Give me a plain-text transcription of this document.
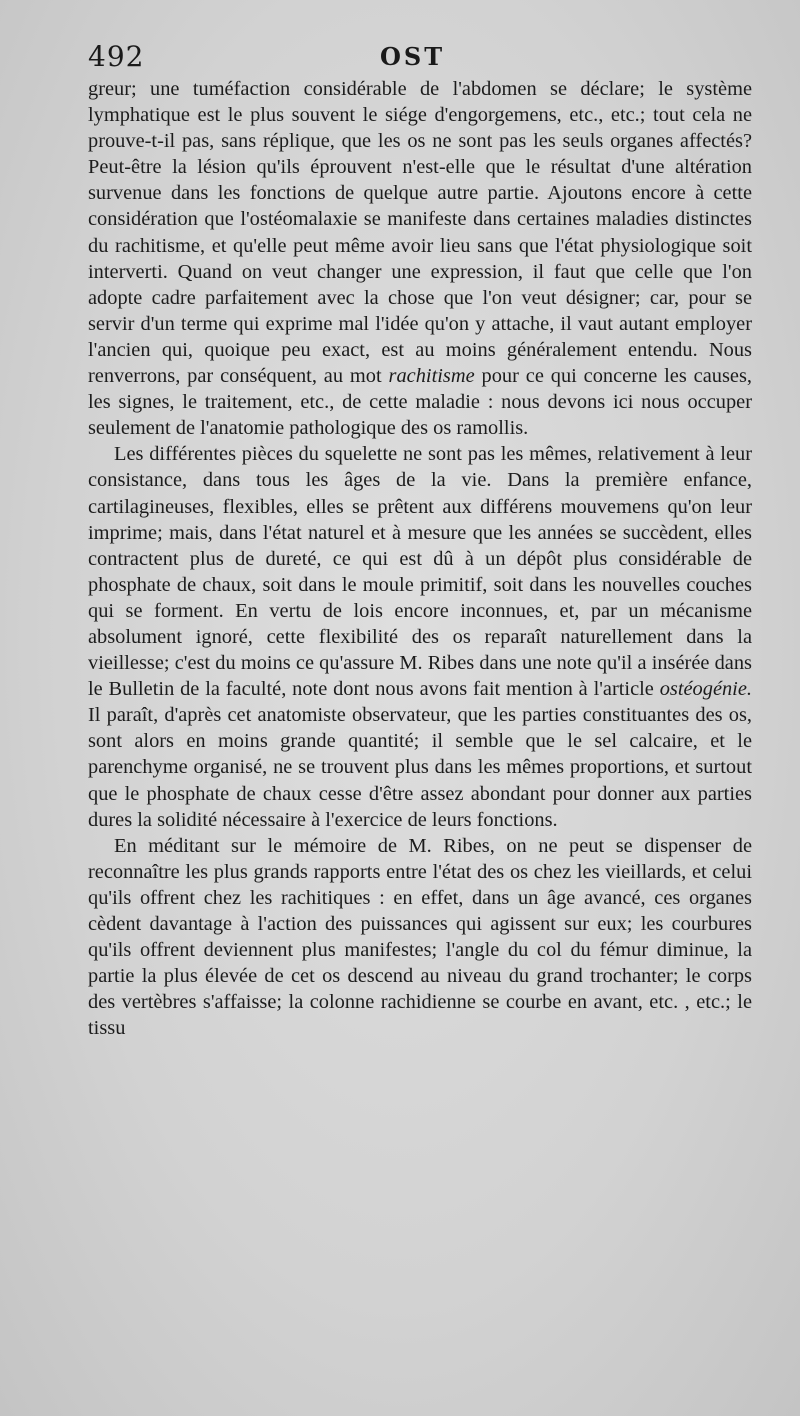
492	OST

greur; une tuméfaction considérable de l'abdomen se déclare; le système lymphatique est le plus souvent le siége d'engorgemens, etc., etc.; tout cela ne prouve-t-il pas, sans réplique, que les os ne sont pas les seuls organes affectés? Peut-être la lésion qu'ils éprouvent n'est-elle que le résultat d'une altération survenue dans les fonctions de quelque autre partie. Ajoutons encore à cette considération que l'ostéomalaxie se manifeste dans certaines maladies distinctes du rachitisme, et qu'elle peut même avoir lieu sans que l'état physiologique soit interverti. Quand on veut changer une expression, il faut que celle que l'on adopte cadre parfaitement avec la chose que l'on veut désigner; car, pour se servir d'un terme qui exprime mal l'idée qu'on y attache, il vaut autant employer l'ancien qui, quoique peu exact, est au moins généralement entendu. Nous renverrons, par conséquent, au mot rachitisme pour ce qui concerne les causes, les signes, le traitement, etc., de cette maladie : nous devons ici nous occuper seulement de l'anatomie pathologique des os ramollis.

Les différentes pièces du squelette ne sont pas les mêmes, relativement à leur consistance, dans tous les âges de la vie. Dans la première enfance, cartilagineuses, flexibles, elles se prêtent aux différens mouvemens qu'on leur imprime; mais, dans l'état naturel et à mesure que les années se succèdent, elles contractent plus de dureté, ce qui est dû à un dépôt plus considérable de phosphate de chaux, soit dans le moule primitif, soit dans les nouvelles couches qui se forment. En vertu de lois encore inconnues, et, par un mécanisme absolument ignoré, cette flexibilité des os reparaît naturellement dans la vieillesse; c'est du moins ce qu'assure M. Ribes dans une note qu'il a insérée dans le Bulletin de la faculté, note dont nous avons fait mention à l'article ostéogénie. Il paraît, d'après cet anatomiste observateur, que les parties constituantes des os, sont alors en moins grande quantité; il semble que le sel calcaire, et le parenchyme organisé, ne se trouvent plus dans les mêmes proportions, et surtout que le phosphate de chaux cesse d'être assez abondant pour donner aux parties dures la solidité nécessaire à l'exercice de leurs fonctions.

En méditant sur le mémoire de M. Ribes, on ne peut se dispenser de reconnaître les plus grands rapports entre l'état des os chez les vieillards, et celui qu'ils offrent chez les rachitiques : en effet, dans un âge avancé, ces organes cèdent davantage à l'action des puissances qui agissent sur eux; les courbures qu'ils offrent deviennent plus manifestes; l'angle du col du fémur diminue, la partie la plus élevée de cet os descend au niveau du grand trochanter; le corps des vertèbres s'affaisse; la colonne rachidienne se courbe en avant, etc. , etc.; le tissu
